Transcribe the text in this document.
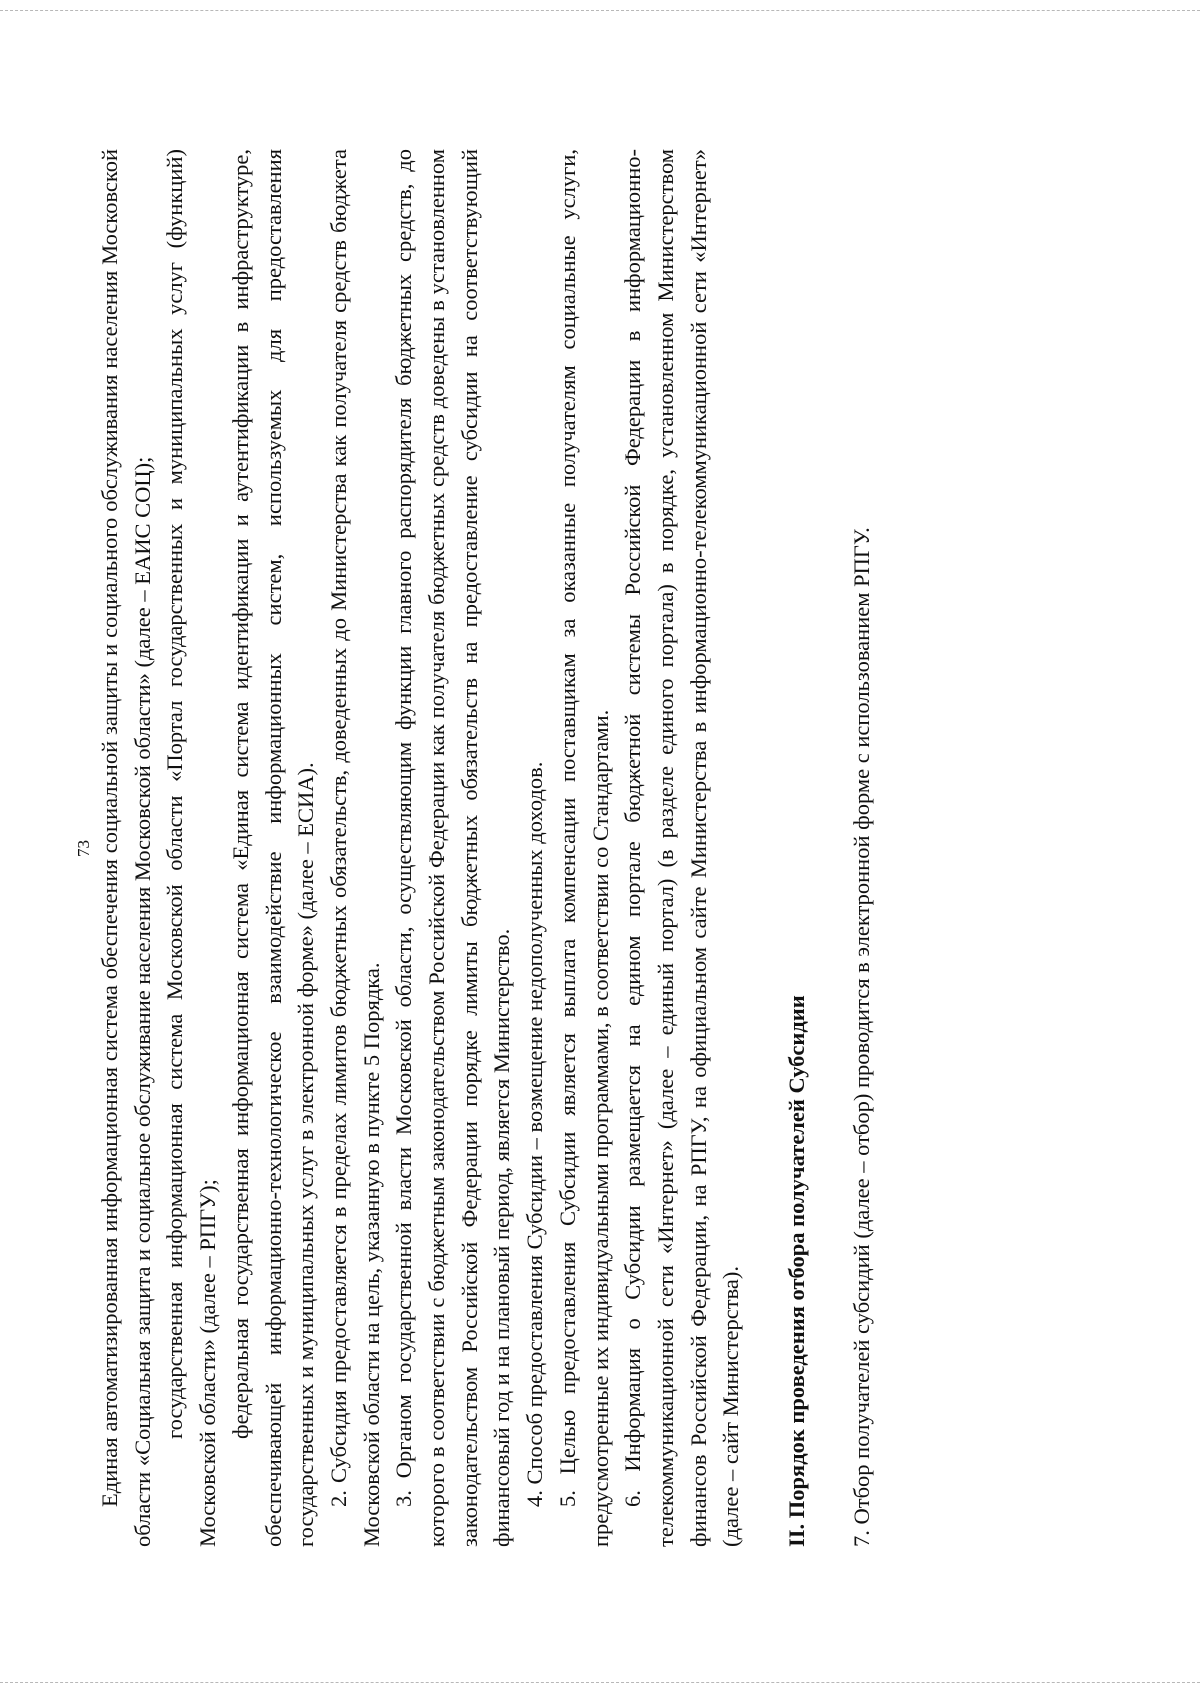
73 Единая автоматизированная информационная система обеспечения социальной защиты и социального обслуживания населения Московской области «Социальная защита и социальное обслуживание населения Московской области» (далее – ЕАИС СОЦ); государственная информационная система Московской области «Портал государственных и муниципальных услуг (функций) Московской области» (далее – РПГУ); федеральная государственная информационная система «Единая система идентификации и аутентификации в инфраструктуре, обеспечивающей информационно-технологическое взаимодействие информационных систем, используемых для предоставления государственных и муниципальных услуг в электронной форме» (далее – ЕСИА). 2. Субсидия предоставляется в пределах лимитов бюджетных обязательств, доведенных до Министерства как получателя средств бюджета Московской области на цель, указанную в пункте 5 Порядка. 3. Органом государственной власти Московской области, осуществляющим функции главного распорядителя бюджетных средств, до которого в соответствии с бюджетным законодательством Российской Федерации как получателя бюджетных средств доведены в установленном законодательством Российской Федерации порядке лимиты бюджетных обязательств на предоставление субсидии на соответствующий финансовый год и на плановый период, является Министерство. 4. Способ предоставления Субсидии – возмещение недополученных доходов. 5. Целью предоставления Субсидии является выплата компенсации поставщикам за оказанные получателям социальные услуги, предусмотренные их индивидуальными программами, в соответствии со Стандартами. 6. Информация о Субсидии размещается на едином портале бюджетной системы Российской Федерации в информационно-телекоммуникационной сети «Интернет» (далее – единый портал) (в разделе единого портала) в порядке, установленном Министерством финансов Российской Федерации, на РПГУ, на официальном сайте Министерства в информационно-телекоммуникационной сети «Интернет» (далее – сайт Министерства).	II. Порядок проведения отбора получателей Субсидии	7. Отбор получателей субсидий (далее – отбор) проводится в электронной форме с использованием РПГУ.
